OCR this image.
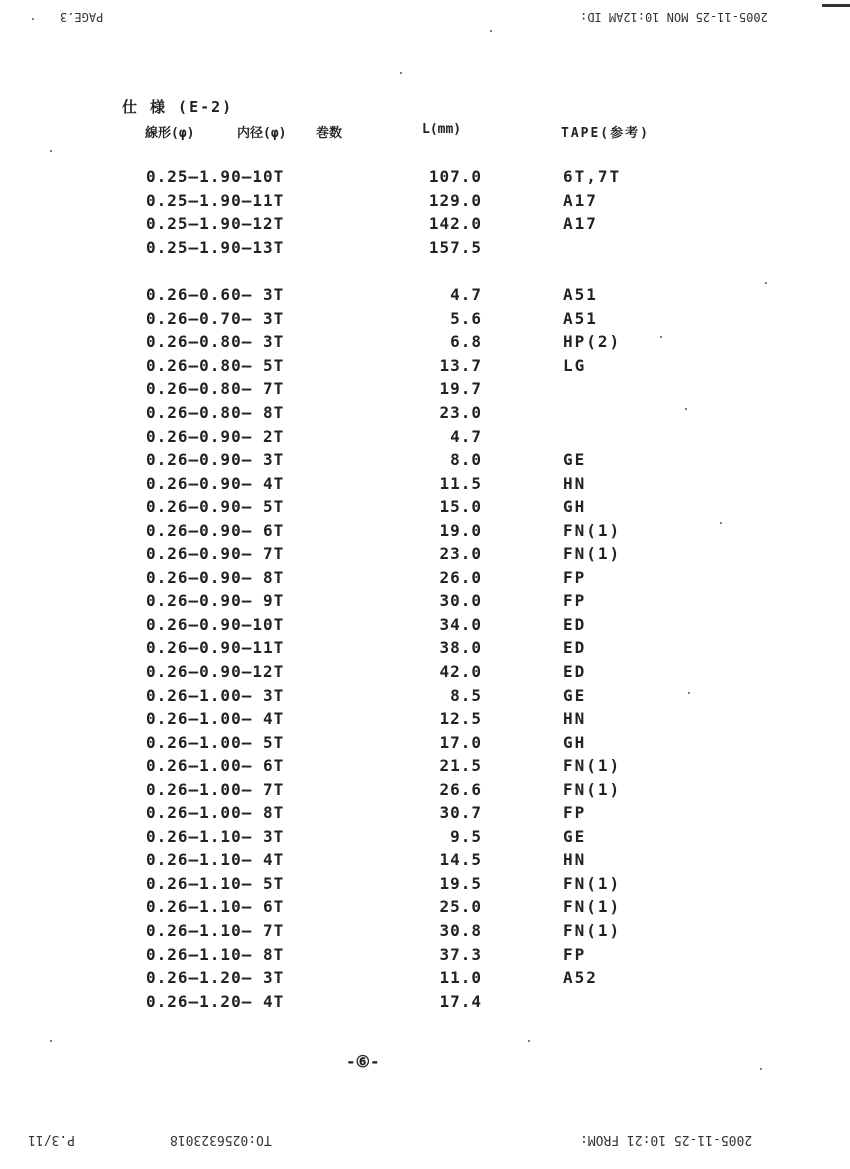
PAGE.3	2005-11-25 MON 10:12AM ID:
仕 様 (E-2)
線形(φ)	内径(φ) 巻数	L(mm)	TAPE(参考)
0.25—1.90—10T	107.0	6T,7T
0.25—1.90—11T	129.0	A17
0.25—1.90—12T	142.0	A17
0.25—1.90—13T	157.5
0.26—0.60— 3T	4.7	A51
0.26—0.70— 3T	5.6	A51
0.26—0.80— 3T	6.8	HP(2)
0.26—0.80— 5T	13.7	LG
0.26—0.80— 7T	19.7
0.26—0.80— 8T	23.0
0.26—0.90— 2T	4.7
0.26—0.90— 3T	8.0	GE
0.26—0.90— 4T	11.5	HN
0.26—0.90— 5T	15.0	GH
0.26—0.90— 6T	19.0	FN(1)
0.26—0.90— 7T	23.0	FN(1)
0.26—0.90— 8T	26.0	FP
0.26—0.90— 9T	30.0	FP
0.26—0.90—10T	34.0	ED
0.26—0.90—11T	38.0	ED
0.26—0.90—12T	42.0	ED
0.26—1.00— 3T	8.5	GE
0.26—1.00— 4T	12.5	HN
0.26—1.00— 5T	17.0	GH
0.26—1.00— 6T	21.5	FN(1)
0.26—1.00— 7T	26.6	FN(1)
0.26—1.00— 8T	30.7	FP
0.26—1.10— 3T	9.5	GE
0.26—1.10— 4T	14.5	HN
0.26—1.10— 5T	19.5	FN(1)
0.26—1.10— 6T	25.0	FN(1)
0.26—1.10— 7T	30.8	FN(1)
0.26—1.10— 8T	37.3	FP
0.26—1.20— 3T	11.0	A52
0.26—1.20— 4T	17.4
-⑥-
P.3/11	TO:0256323018	2005-11-25 10:21 FROM:
